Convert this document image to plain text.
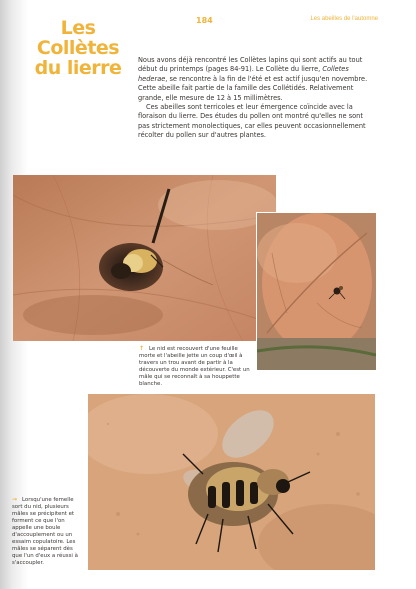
Les
Collètes
du lierre
184	Les abeilles de l'automne

Nous avons déjà rencontré les Collètes lapins qui sont actifs au tout début du printemps (pages 84-91). Le Collète du lierre, Colletes hederae, se rencontre à la fin de l'été et est actif jusqu'en novembre. Cette abeille fait partie de la famille des Collétidés. Relativement grande, elle mesure de 12 à 15 millimètres.

Ces abeilles sont terricoles et leur émergence coïncide avec la floraison du lierre. Des études du pollen ont montré qu'elles ne sont pas strictement monolectiques, car elles peuvent occasionnellement récolter du pollen sur d'autres plantes.

↑ Le nid est recouvert d'une feuille morte et l'abeille jette un coup d'œil à travers un trou avant de partir à la découverte du monde extérieur. C'est un mâle qui se reconnaît à sa houppette blanche.
→ Lorsqu'une femelle sort du nid, plusieurs mâles se précipitent et forment ce que l'on appelle une boule d'accouplement ou un essaim copulatoire. Les mâles se séparent dès que l'un d'eux a réussi à s'accoupler.
